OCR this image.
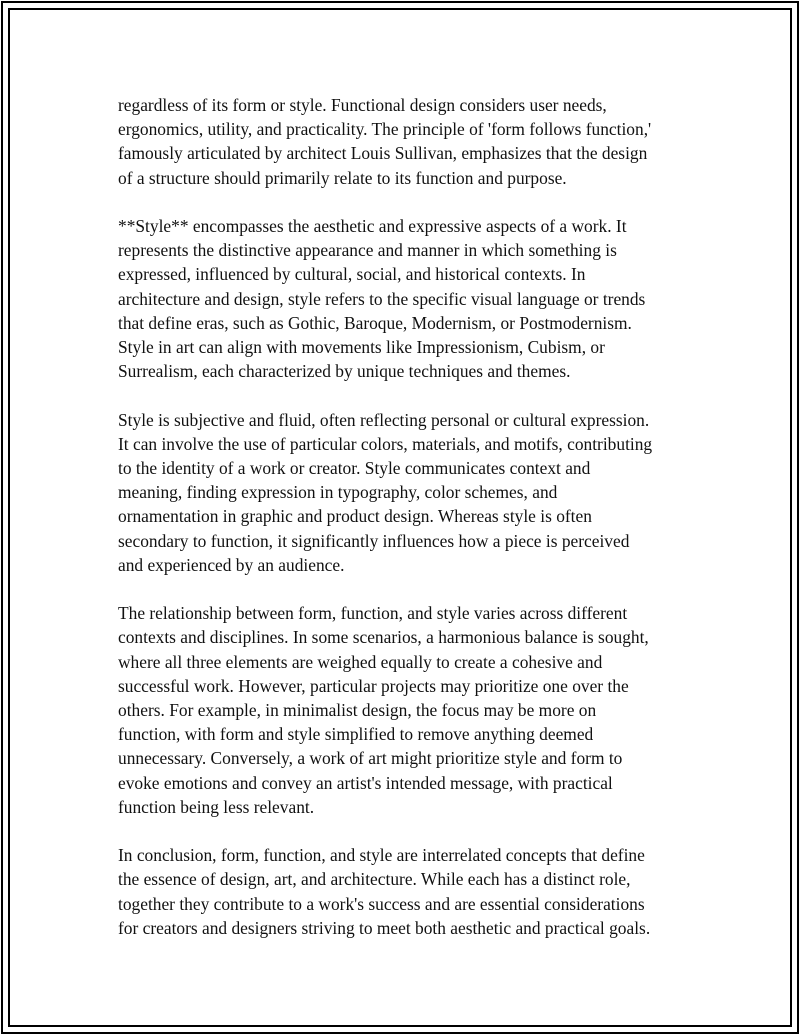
regardless of its form or style. Functional design considers user needs,
ergonomics, utility, and practicality. The principle of 'form follows function,'
famously articulated by architect Louis Sullivan, emphasizes that the design
of a structure should primarily relate to its function and purpose.

**Style** encompasses the aesthetic and expressive aspects of a work. It
represents the distinctive appearance and manner in which something is
expressed, influenced by cultural, social, and historical contexts. In
architecture and design, style refers to the specific visual language or trends
that define eras, such as Gothic, Baroque, Modernism, or Postmodernism.
Style in art can align with movements like Impressionism, Cubism, or
Surrealism, each characterized by unique techniques and themes.

Style is subjective and fluid, often reflecting personal or cultural expression.
It can involve the use of particular colors, materials, and motifs, contributing
to the identity of a work or creator. Style communicates context and
meaning, finding expression in typography, color schemes, and
ornamentation in graphic and product design. Whereas style is often
secondary to function, it significantly influences how a piece is perceived
and experienced by an audience.

The relationship between form, function, and style varies across different
contexts and disciplines. In some scenarios, a harmonious balance is sought,
where all three elements are weighed equally to create a cohesive and
successful work. However, particular projects may prioritize one over the
others. For example, in minimalist design, the focus may be more on
function, with form and style simplified to remove anything deemed
unnecessary. Conversely, a work of art might prioritize style and form to
evoke emotions and convey an artist's intended message, with practical
function being less relevant.

In conclusion, form, function, and style are interrelated concepts that define
the essence of design, art, and architecture. While each has a distinct role,
together they contribute to a work's success and are essential considerations
for creators and designers striving to meet both aesthetic and practical goals.
